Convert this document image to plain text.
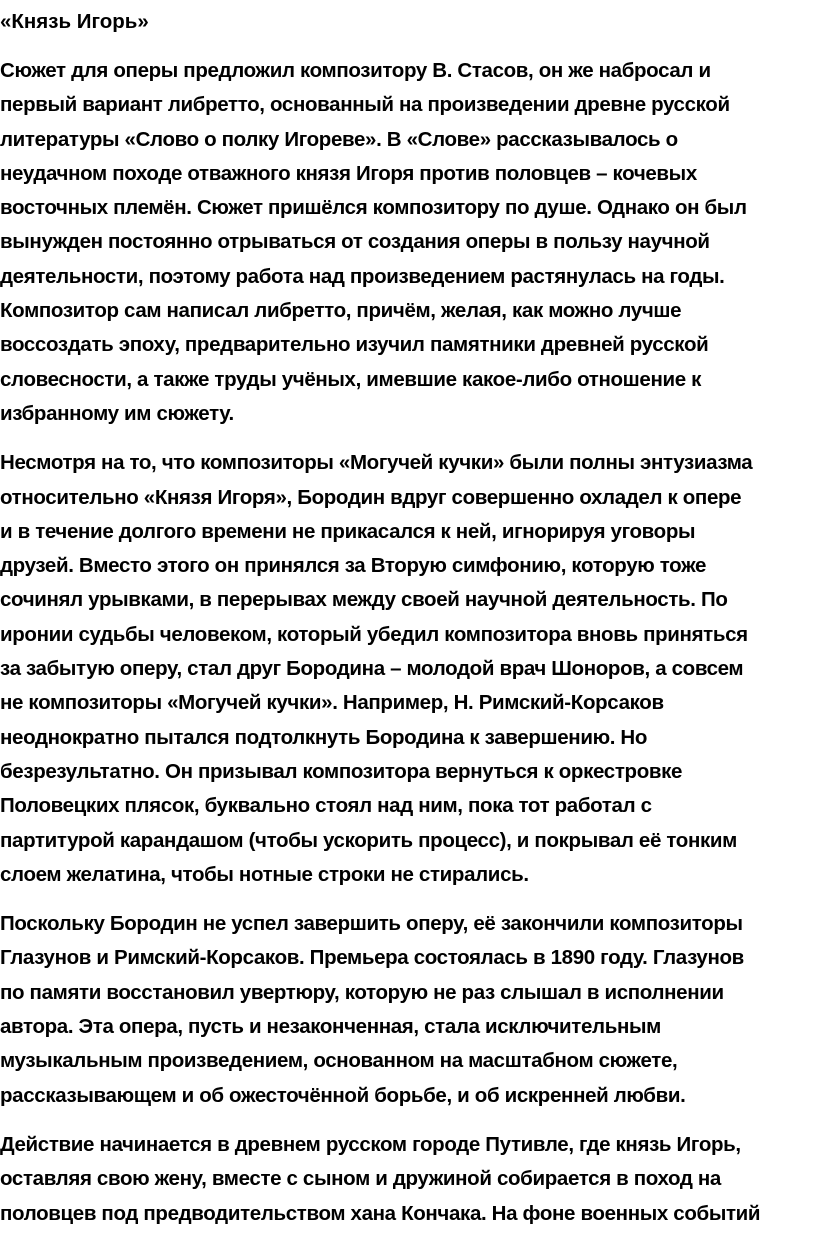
«Князь Игорь»
Сюжет для оперы предложил композитору В. Стасов, он же набросал и
первый вариант либретто, основанный на произведении древне русской
литературы «Слово о полку Игореве». В «Слове» рассказывалось о
неудачном походе отважного князя Игоря против половцев – кочевых
восточных племён. Сюжет пришёлся композитору по душе. Однако он был
вынужден постоянно отрываться от создания оперы в пользу научной
деятельности, поэтому работа над произведением растянулась на годы.
Композитор сам написал либретто, причём, желая, как можно лучше
воссоздать эпоху, предварительно изучил памятники древней русской
словесности, а также труды учёных, имевшие какое-либо отношение к
избранному им сюжету.
Несмотря на то, что композиторы «Могучей кучки» были полны энтузиазма
относительно «Князя Игоря», Бородин вдруг совершенно охладел к опере
и в течение долгого времени не прикасался к ней, игнорируя уговоры
друзей. Вместо этого он принялся за Вторую симфонию, которую тоже
сочинял урывками, в перерывах между своей научной деятельность. По
иронии судьбы человеком, который убедил композитора вновь приняться
за забытую оперу, стал друг Бородина – молодой врач Шоноров, а совсем
не композиторы «Могучей кучки». Например, Н. Римский-Корсаков
неоднократно пытался подтолкнуть Бородина к завершению. Но
безрезультатно. Он призывал композитора вернуться к оркестровке
Половецких плясок, буквально стоял над ним, пока тот работал с
партитурой карандашом (чтобы ускорить процесс), и покрывал её тонким
слоем желатина, чтобы нотные строки не стирались.
Поскольку Бородин не успел завершить оперу, её закончили композиторы
Глазунов и Римский-Корсаков. Премьера состоялась в 1890 году. Глазунов
по памяти восстановил увертюру, которую не раз слышал в исполнении
автора. Эта опера, пусть и незаконченная, стала исключительным
музыкальным произведением, основанном на масштабном сюжете,
рассказывающем и об ожесточённой борьбе, и об искренней любви.
Действие начинается в древнем русском городе Путивле, где князь Игорь,
оставляя свою жену, вместе с сыном и дружиной собирается в поход на
половцев под предводительством хана Кончака. На фоне военных событий
